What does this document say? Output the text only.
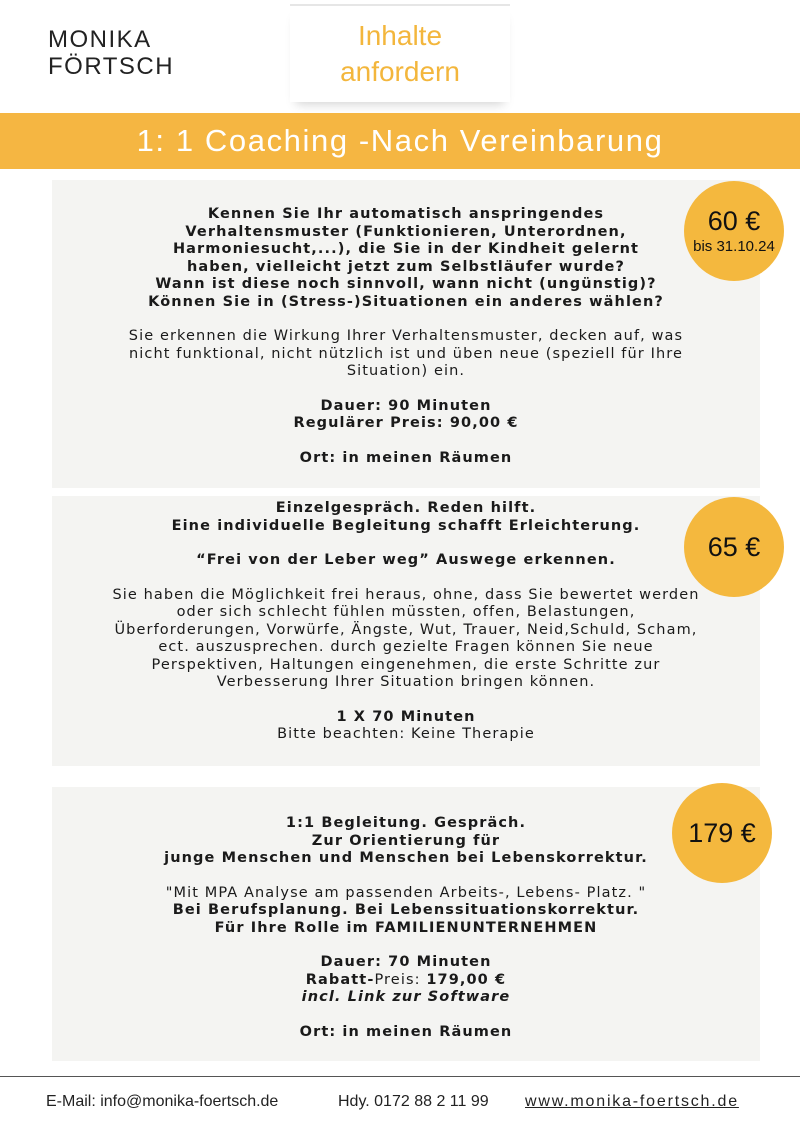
MONIKA
FÖRTSCH
Inhalte
anfordern
1: 1 Coaching -Nach Vereinbarung

Kennen Sie Ihr automatisch anspringendes

Verhaltensmuster (Funktionieren, Unterordnen,

Harmoniesucht,...), die Sie in der Kindheit gelernt

haben, vielleicht jetzt zum Selbstläufer wurde?

Wann ist diese noch sinnvoll, wann nicht (ungünstig)?

Können Sie in (Stress-)Situationen ein anderes wählen?

Sie erkennen die Wirkung Ihrer Verhaltensmuster, decken auf, was

nicht funktional, nicht nützlich ist und üben neue (speziell für Ihre

Situation) ein.

Dauer: 90 Minuten

Regulärer Preis: 90,00 €

Ort: in meinen Räumen

Einzelgespräch. Reden hilft.

Eine individuelle Begleitung schafft Erleichterung.

“Frei von der Leber weg” Auswege erkennen.

Sie haben die Möglichkeit frei heraus, ohne, dass Sie bewertet werden

oder sich schlecht fühlen müssten, offen, Belastungen,

Überforderungen, Vorwürfe, Ängste, Wut, Trauer, Neid,Schuld, Scham,

ect. auszusprechen. durch gezielte Fragen können Sie neue

Perspektiven, Haltungen eingenehmen, die erste Schritte zur

Verbesserung Ihrer Situation bringen können.

1 X 70 Minuten

Bitte beachten: Keine Therapie

1:1 Begleitung. Gespräch.

Zur Orientierung für

junge Menschen und Menschen bei Lebenskorrektur.

"Mit MPA Analyse am passenden Arbeits-, Lebens- Platz. "

Bei Berufsplanung. Bei Lebenssituationskorrektur.

Für Ihre Rolle im FAMILIENUNTERNEHMEN

Dauer: 70 Minuten

Rabatt-Preis: 179,00 €

incl. Link zur Software

Ort: in meinen Räumen

60 €
bis 31.10.24
65 €
179 €
E-Mail: info@monika-foertsch.de	Hdy. 0172 88 2 11 99 www.monika-foertsch.de
